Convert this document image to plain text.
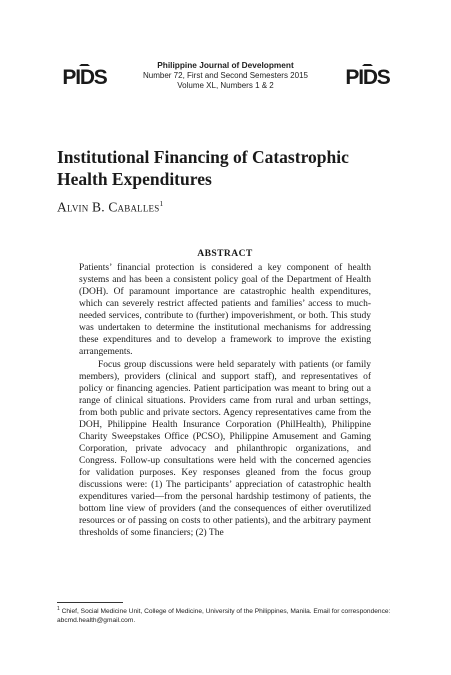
PIDS
Philippine Journal of Development
Number 72, First and Second Semesters 2015
Volume XL, Numbers 1 & 2	PIDS
Institutional Financing of Catastrophic
Health Expenditures
Alvin B. Caballes$^1$
ABSTRACT

Patients’ financial protection is considered a key component of health systems and has been a consistent policy goal of the Department of Health (DOH). Of paramount importance are catastrophic health expenditures, which can severely restrict affected patients and families’ access to much-needed services, contribute to (further) impoverishment, or both. This study was undertaken to determine the institutional mechanisms for addressing these expenditures and to develop a framework to improve the existing arrangements.

Focus group discussions were held separately with patients (or family members), providers (clinical and support staff), and representatives of policy or financing agencies. Patient participation was meant to bring out a range of clinical situations. Providers came from rural and urban settings, from both public and private sectors. Agency representatives came from the DOH, Philippine Health Insurance Corporation (PhilHealth), Philippine Charity Sweepstakes Office (PCSO), Philippine Amusement and Gaming Corporation, private advocacy and philanthropic organizations, and Congress. Follow-up consultations were held with the concerned agencies for validation purposes. Key responses gleaned from the focus group discussions were: (1) The participants’ appreciation of catastrophic health expenditures varied—from the personal hardship testimony of patients, the bottom line view of providers (and the consequences of either overutilized resources or of passing on costs to other patients), and the arbitrary payment thresholds of some financiers; (2) The

$^1$ Chief, Social Medicine Unit, College of Medicine, University of the Philippines, Manila. Email for correspondence: abcmd.health@gmail.com.
